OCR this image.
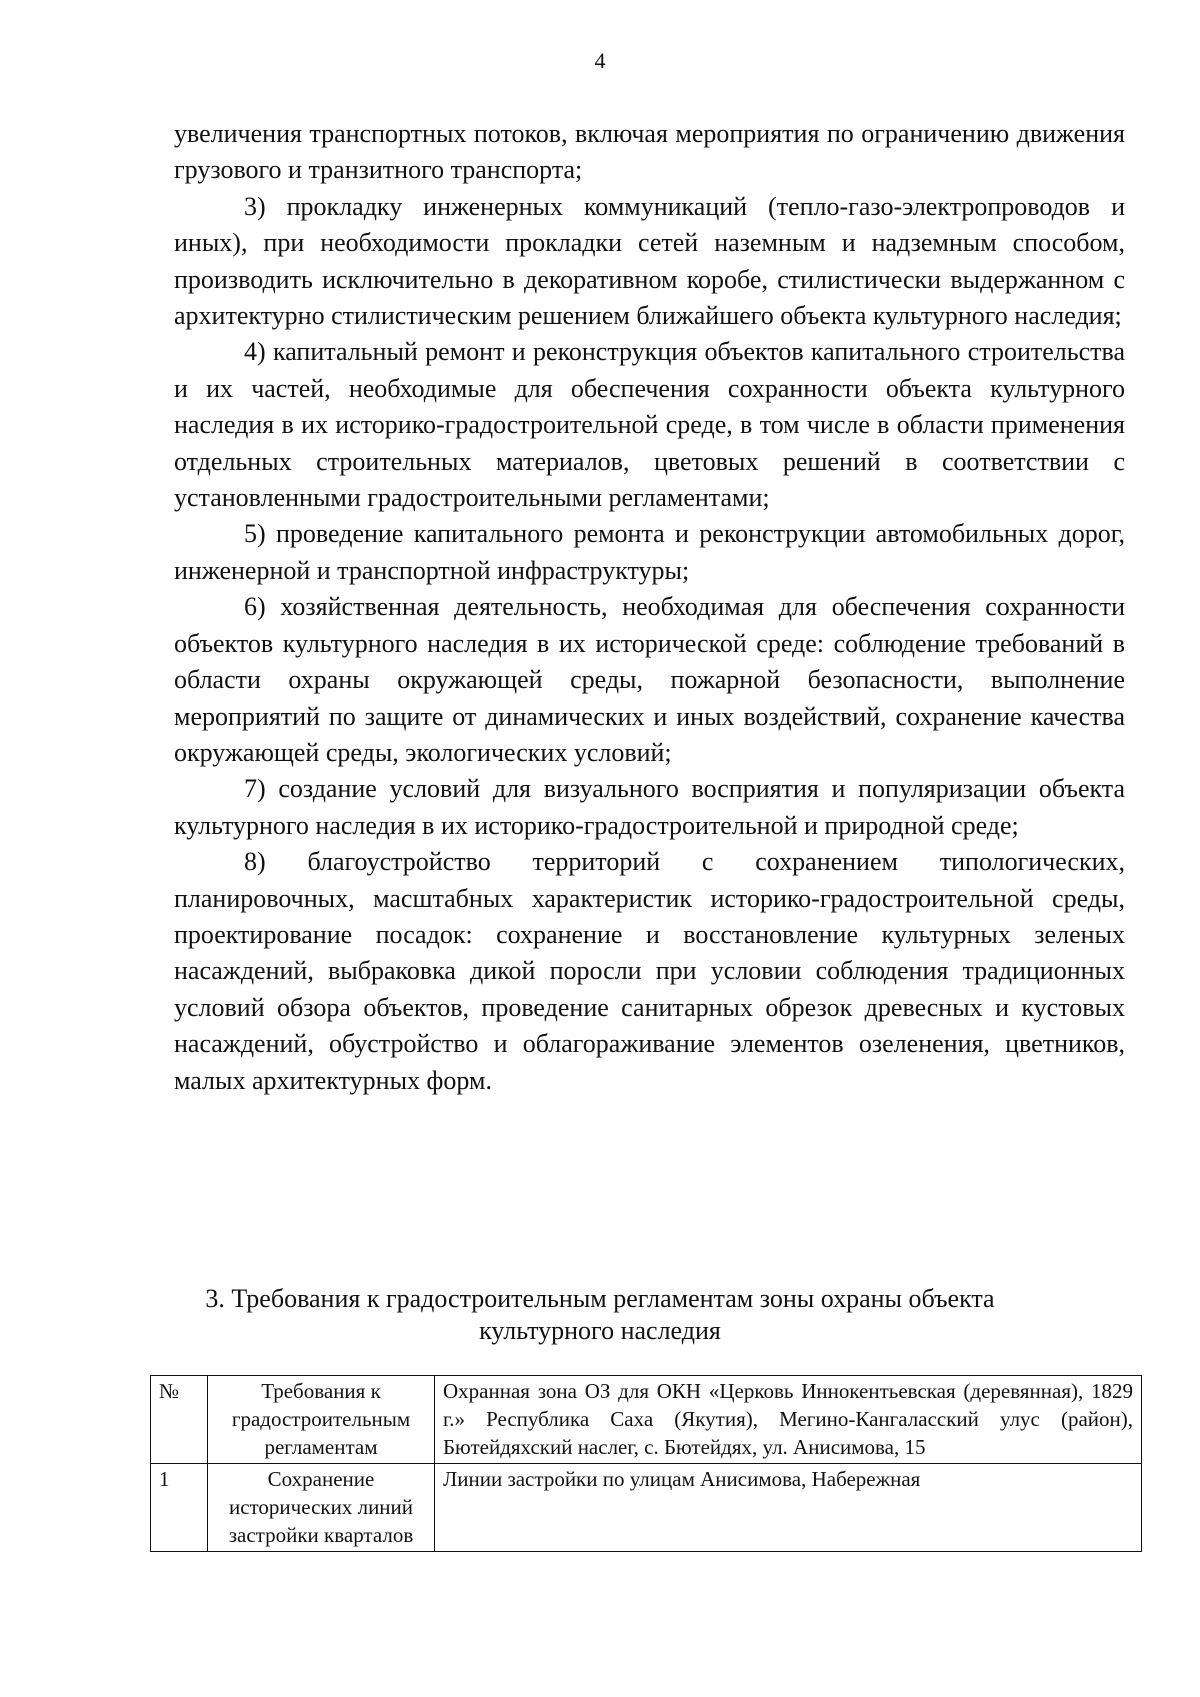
4

увеличения транспортных потоков, включая мероприятия по ограничению движения грузового и транзитного транспорта;

3) прокладку инженерных коммуникаций (тепло-газо-электропроводов и иных), при необходимости прокладки сетей наземным и надземным способом, производить исключительно в декоративном коробе, стилистически выдержанном с архитектурно стилистическим решением ближайшего объекта культурного наследия;

4) капитальный ремонт и реконструкция объектов капитального строительства и их частей, необходимые для обеспечения сохранности объекта культурного наследия в их историко-градостроительной среде, в том числе в области применения отдельных строительных материалов, цветовых решений в соответствии с установленными градостроительными регламентами;

5) проведение капитального ремонта и реконструкции автомобильных дорог, инженерной и транспортной инфраструктуры;

6) хозяйственная деятельность, необходимая для обеспечения сохранности объектов культурного наследия в их исторической среде: соблюдение требований в области охраны окружающей среды, пожарной безопасности, выполнение мероприятий по защите от динамических и иных воздействий, сохранение качества окружающей среды, экологических условий;

7) создание условий для визуального восприятия и популяризации объекта культурного наследия в их историко-градостроительной и природной среде;

8) благоустройство территорий с сохранением типологических, планировочных, масштабных характеристик историко-градостроительной среды, проектирование посадок: сохранение и восстановление культурных зеленых насаждений, выбраковка дикой поросли при условии соблюдения традиционных условий обзора объектов, проведение санитарных обрезок древесных и кустовых насаждений, обустройство и облагораживание элементов озеленения, цветников, малых архитектурных форм.

3. Требования к градостроительным регламентам зоны охраны объекта культурного наследия
№	Требования к градостроительным регламентам	Охранная зона ОЗ для ОКН «Церковь Иннокентьевская (деревянная), 1829 г.» Республика Саха (Якутия), Мегино-Кангаласский улус (район), Бютейдяхский наслег, с. Бютейдях, ул. Анисимова, 15
1	Сохранение исторических линий застройки кварталов	Линии застройки по улицам Анисимова, Набережная
